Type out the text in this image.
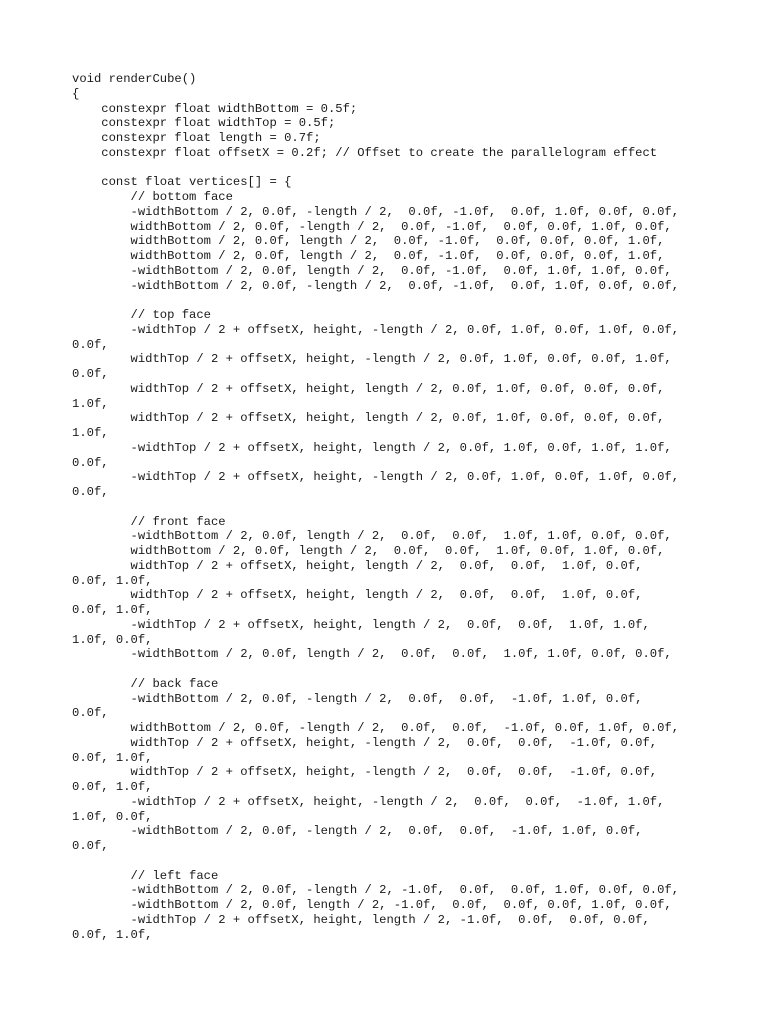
void renderCube()
{
constexpr float widthBottom = 0.5f;
constexpr float widthTop = 0.5f;
constexpr float length = 0.7f;
constexpr float offsetX = 0.2f; // Offset to create the parallelogram effect
const float vertices[] = {
// bottom face
-widthBottom / 2, 0.0f, -length / 2,  0.0f, -1.0f,  0.0f, 1.0f, 0.0f, 0.0f,
widthBottom / 2, 0.0f, -length / 2,  0.0f, -1.0f,  0.0f, 0.0f, 1.0f, 0.0f,
widthBottom / 2, 0.0f, length / 2,  0.0f, -1.0f,  0.0f, 0.0f, 0.0f, 1.0f,
widthBottom / 2, 0.0f, length / 2,  0.0f, -1.0f,  0.0f, 0.0f, 0.0f, 1.0f,
-widthBottom / 2, 0.0f, length / 2,  0.0f, -1.0f,  0.0f, 1.0f, 1.0f, 0.0f,
-widthBottom / 2, 0.0f, -length / 2,  0.0f, -1.0f,  0.0f, 1.0f, 0.0f, 0.0f,
// top face
-widthTop / 2 + offsetX, height, -length / 2, 0.0f, 1.0f, 0.0f, 1.0f, 0.0f,
0.0f,
widthTop / 2 + offsetX, height, -length / 2, 0.0f, 1.0f, 0.0f, 0.0f, 1.0f,
0.0f,
widthTop / 2 + offsetX, height, length / 2, 0.0f, 1.0f, 0.0f, 0.0f, 0.0f,
1.0f,
widthTop / 2 + offsetX, height, length / 2, 0.0f, 1.0f, 0.0f, 0.0f, 0.0f,
1.0f,
-widthTop / 2 + offsetX, height, length / 2, 0.0f, 1.0f, 0.0f, 1.0f, 1.0f,
0.0f,
-widthTop / 2 + offsetX, height, -length / 2, 0.0f, 1.0f, 0.0f, 1.0f, 0.0f,
0.0f,
// front face
-widthBottom / 2, 0.0f, length / 2,  0.0f,  0.0f,  1.0f, 1.0f, 0.0f, 0.0f,
widthBottom / 2, 0.0f, length / 2,  0.0f,  0.0f,  1.0f, 0.0f, 1.0f, 0.0f,
widthTop / 2 + offsetX, height, length / 2,  0.0f,  0.0f,  1.0f, 0.0f,
0.0f, 1.0f,
widthTop / 2 + offsetX, height, length / 2,  0.0f,  0.0f,  1.0f, 0.0f,
0.0f, 1.0f,
-widthTop / 2 + offsetX, height, length / 2,  0.0f,  0.0f,  1.0f, 1.0f,
1.0f, 0.0f,
-widthBottom / 2, 0.0f, length / 2,  0.0f,  0.0f,  1.0f, 1.0f, 0.0f, 0.0f,
// back face
-widthBottom / 2, 0.0f, -length / 2,  0.0f,  0.0f,  -1.0f, 1.0f, 0.0f,
0.0f,
widthBottom / 2, 0.0f, -length / 2,  0.0f,  0.0f,  -1.0f, 0.0f, 1.0f, 0.0f,
widthTop / 2 + offsetX, height, -length / 2,  0.0f,  0.0f,  -1.0f, 0.0f,
0.0f, 1.0f,
widthTop / 2 + offsetX, height, -length / 2,  0.0f,  0.0f,  -1.0f, 0.0f,
0.0f, 1.0f,
-widthTop / 2 + offsetX, height, -length / 2,  0.0f,  0.0f,  -1.0f, 1.0f,
1.0f, 0.0f,
-widthBottom / 2, 0.0f, -length / 2,  0.0f,  0.0f,  -1.0f, 1.0f, 0.0f,
0.0f,
// left face
-widthBottom / 2, 0.0f, -length / 2, -1.0f,  0.0f,  0.0f, 1.0f, 0.0f, 0.0f,
-widthBottom / 2, 0.0f, length / 2, -1.0f,  0.0f,  0.0f, 0.0f, 1.0f, 0.0f,
-widthTop / 2 + offsetX, height, length / 2, -1.0f,  0.0f,  0.0f, 0.0f,
0.0f, 1.0f,
